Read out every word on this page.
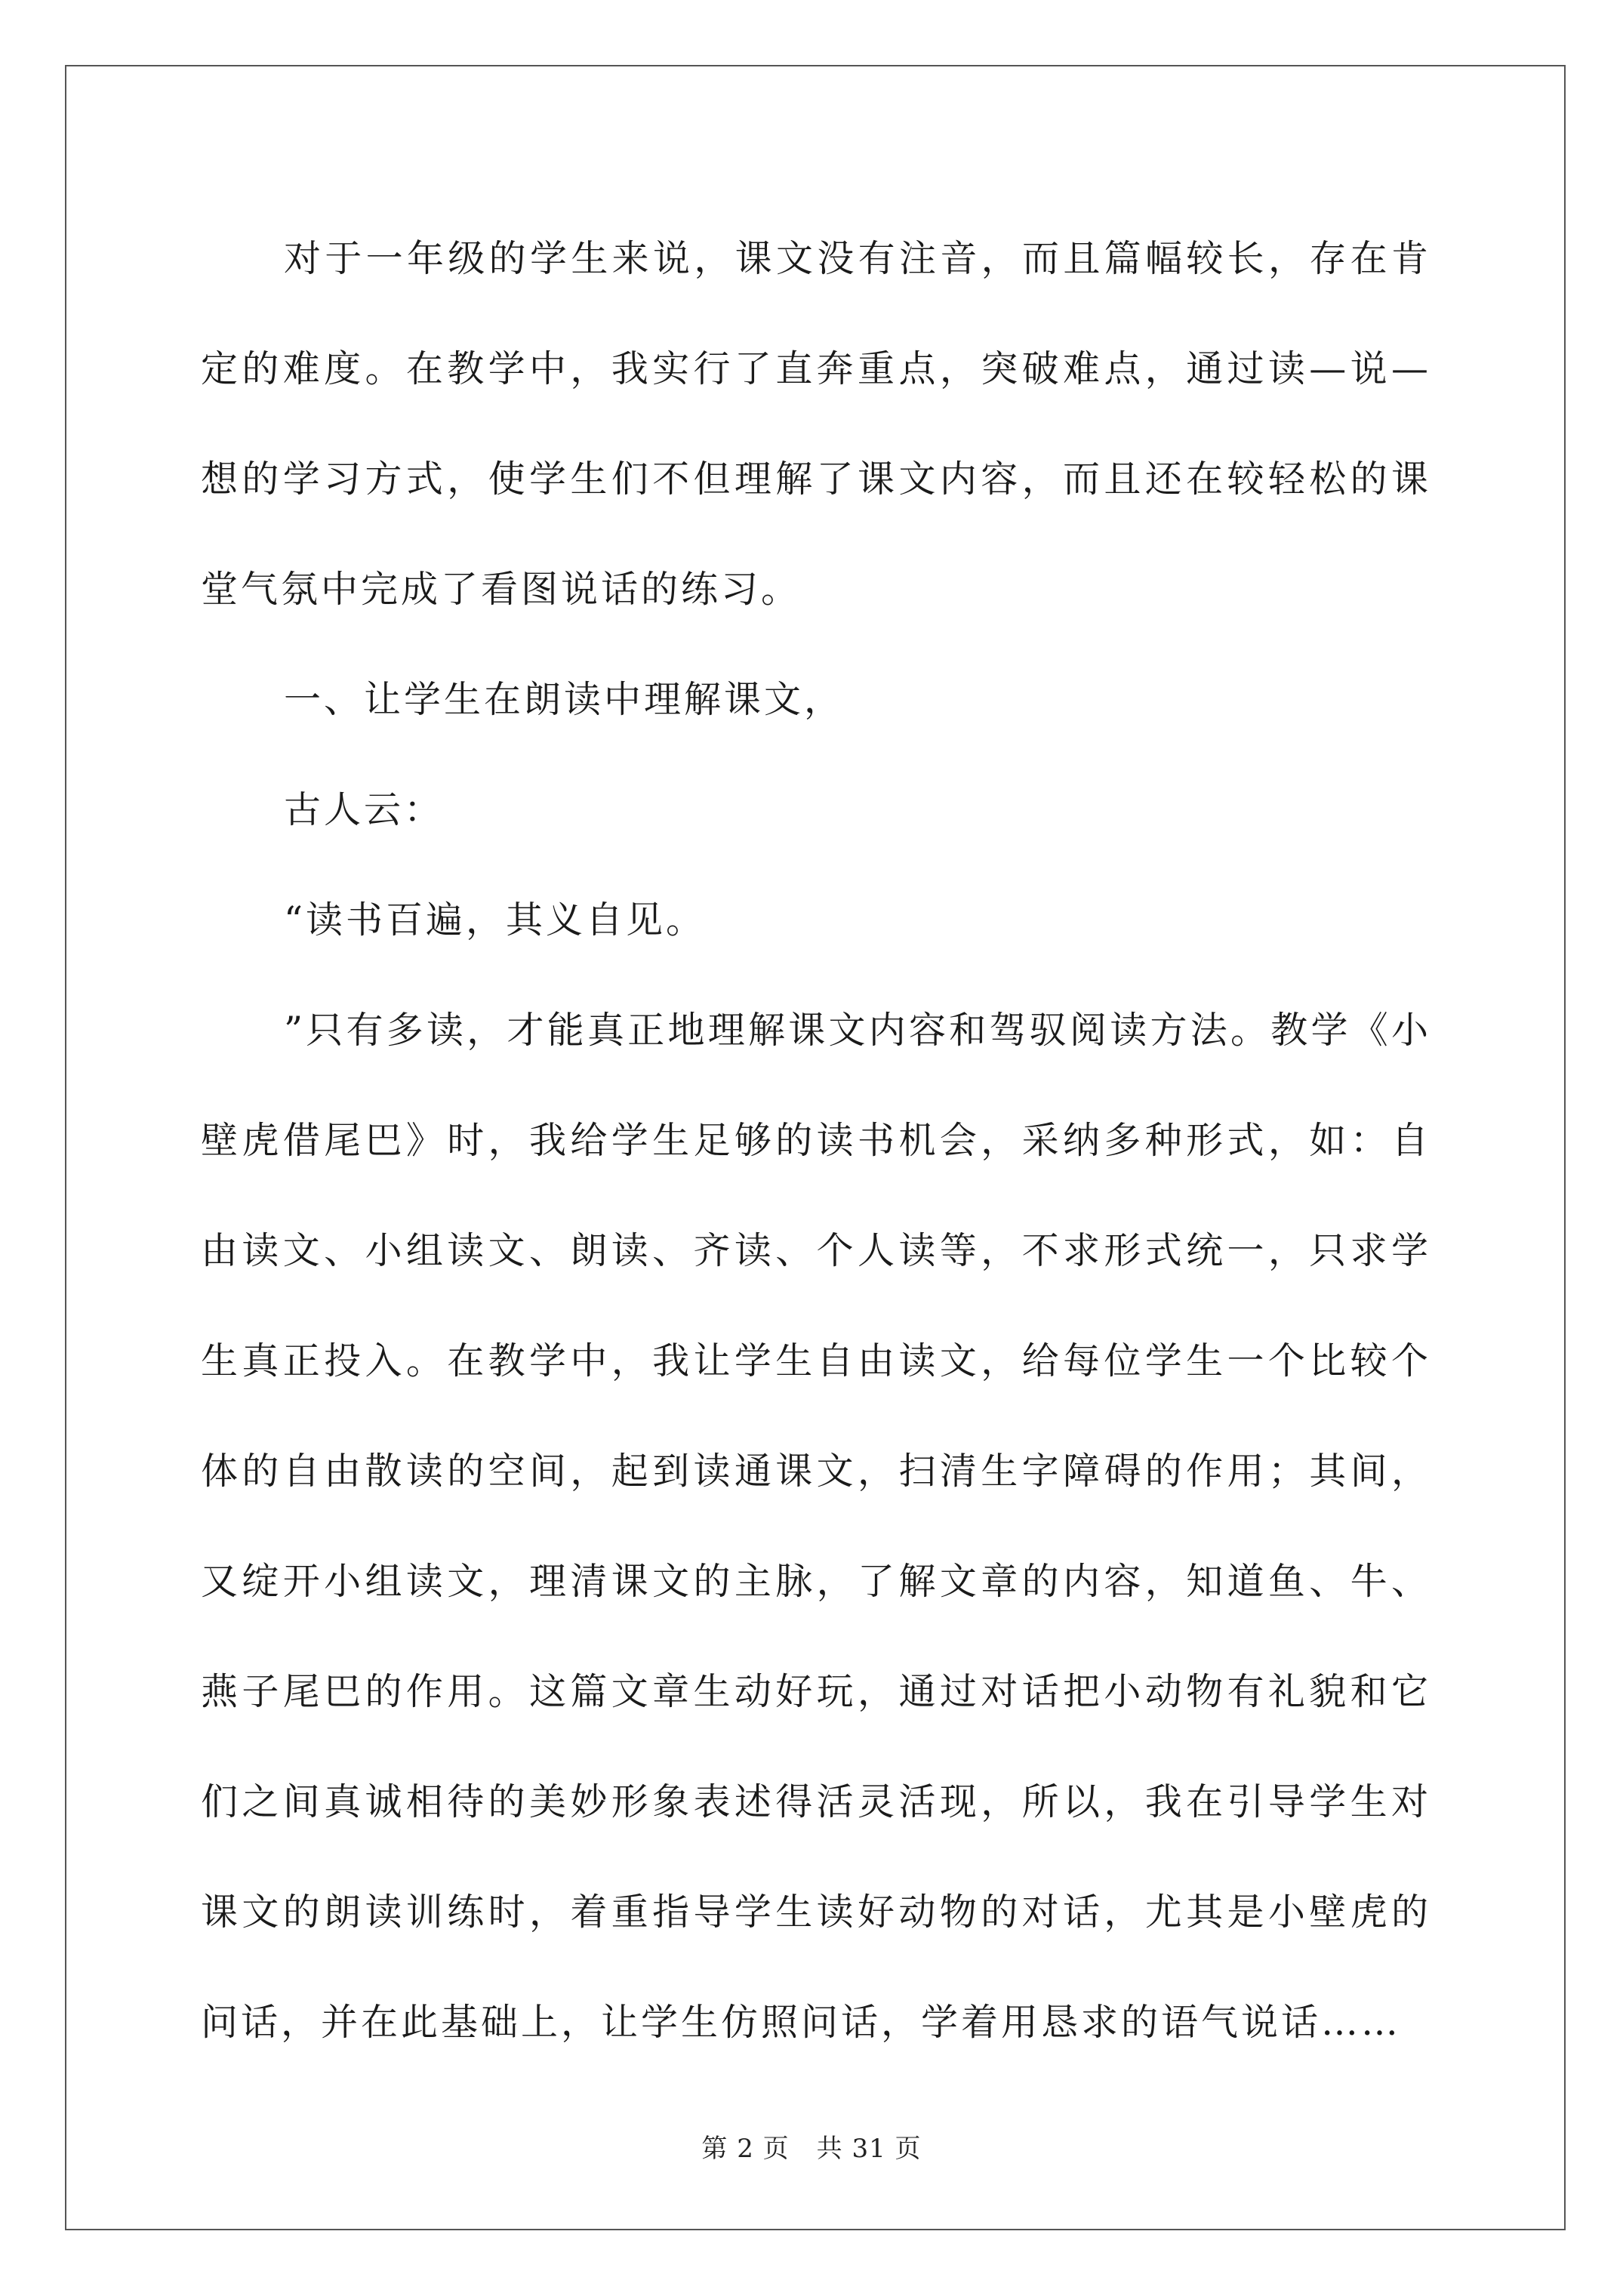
对于一年级的学生来说，课文没有注音，而且篇幅较长，存在肯定的难度。在教学中，我实行了直奔重点，突破难点，通过读—说—想的学习方式，使学生们不但理解了课文内容，而且还在较轻松的课堂气氛中完成了看图说话的练习。

一、让学生在朗读中理解课文，

古人云：

“读书百遍，其义自见。

”只有多读，才能真正地理解课文内容和驾驭阅读方法。教学《小壁虎借尾巴》时，我给学生足够的读书机会，采纳多种形式，如：自由读文、小组读文、朗读、齐读、个人读等，不求形式统一，只求学生真正投入。在教学中，我让学生自由读文，给每位学生一个比较个体的自由散读的空间，起到读通课文，扫清生字障碍的作用；其间，又绽开小组读文，理清课文的主脉，了解文章的内容，知道鱼、牛、燕子尾巴的作用。这篇文章生动好玩，通过对话把小动物有礼貌和它们之间真诚相待的美妙形象表述得活灵活现，所以，我在引导学生对课文的朗读训练时，着重指导学生读好动物的对话，尤其是小壁虎的问话，并在此基础上，让学生仿照问话，学着用恳求的语气说话……

第 2 页 共 31 页
